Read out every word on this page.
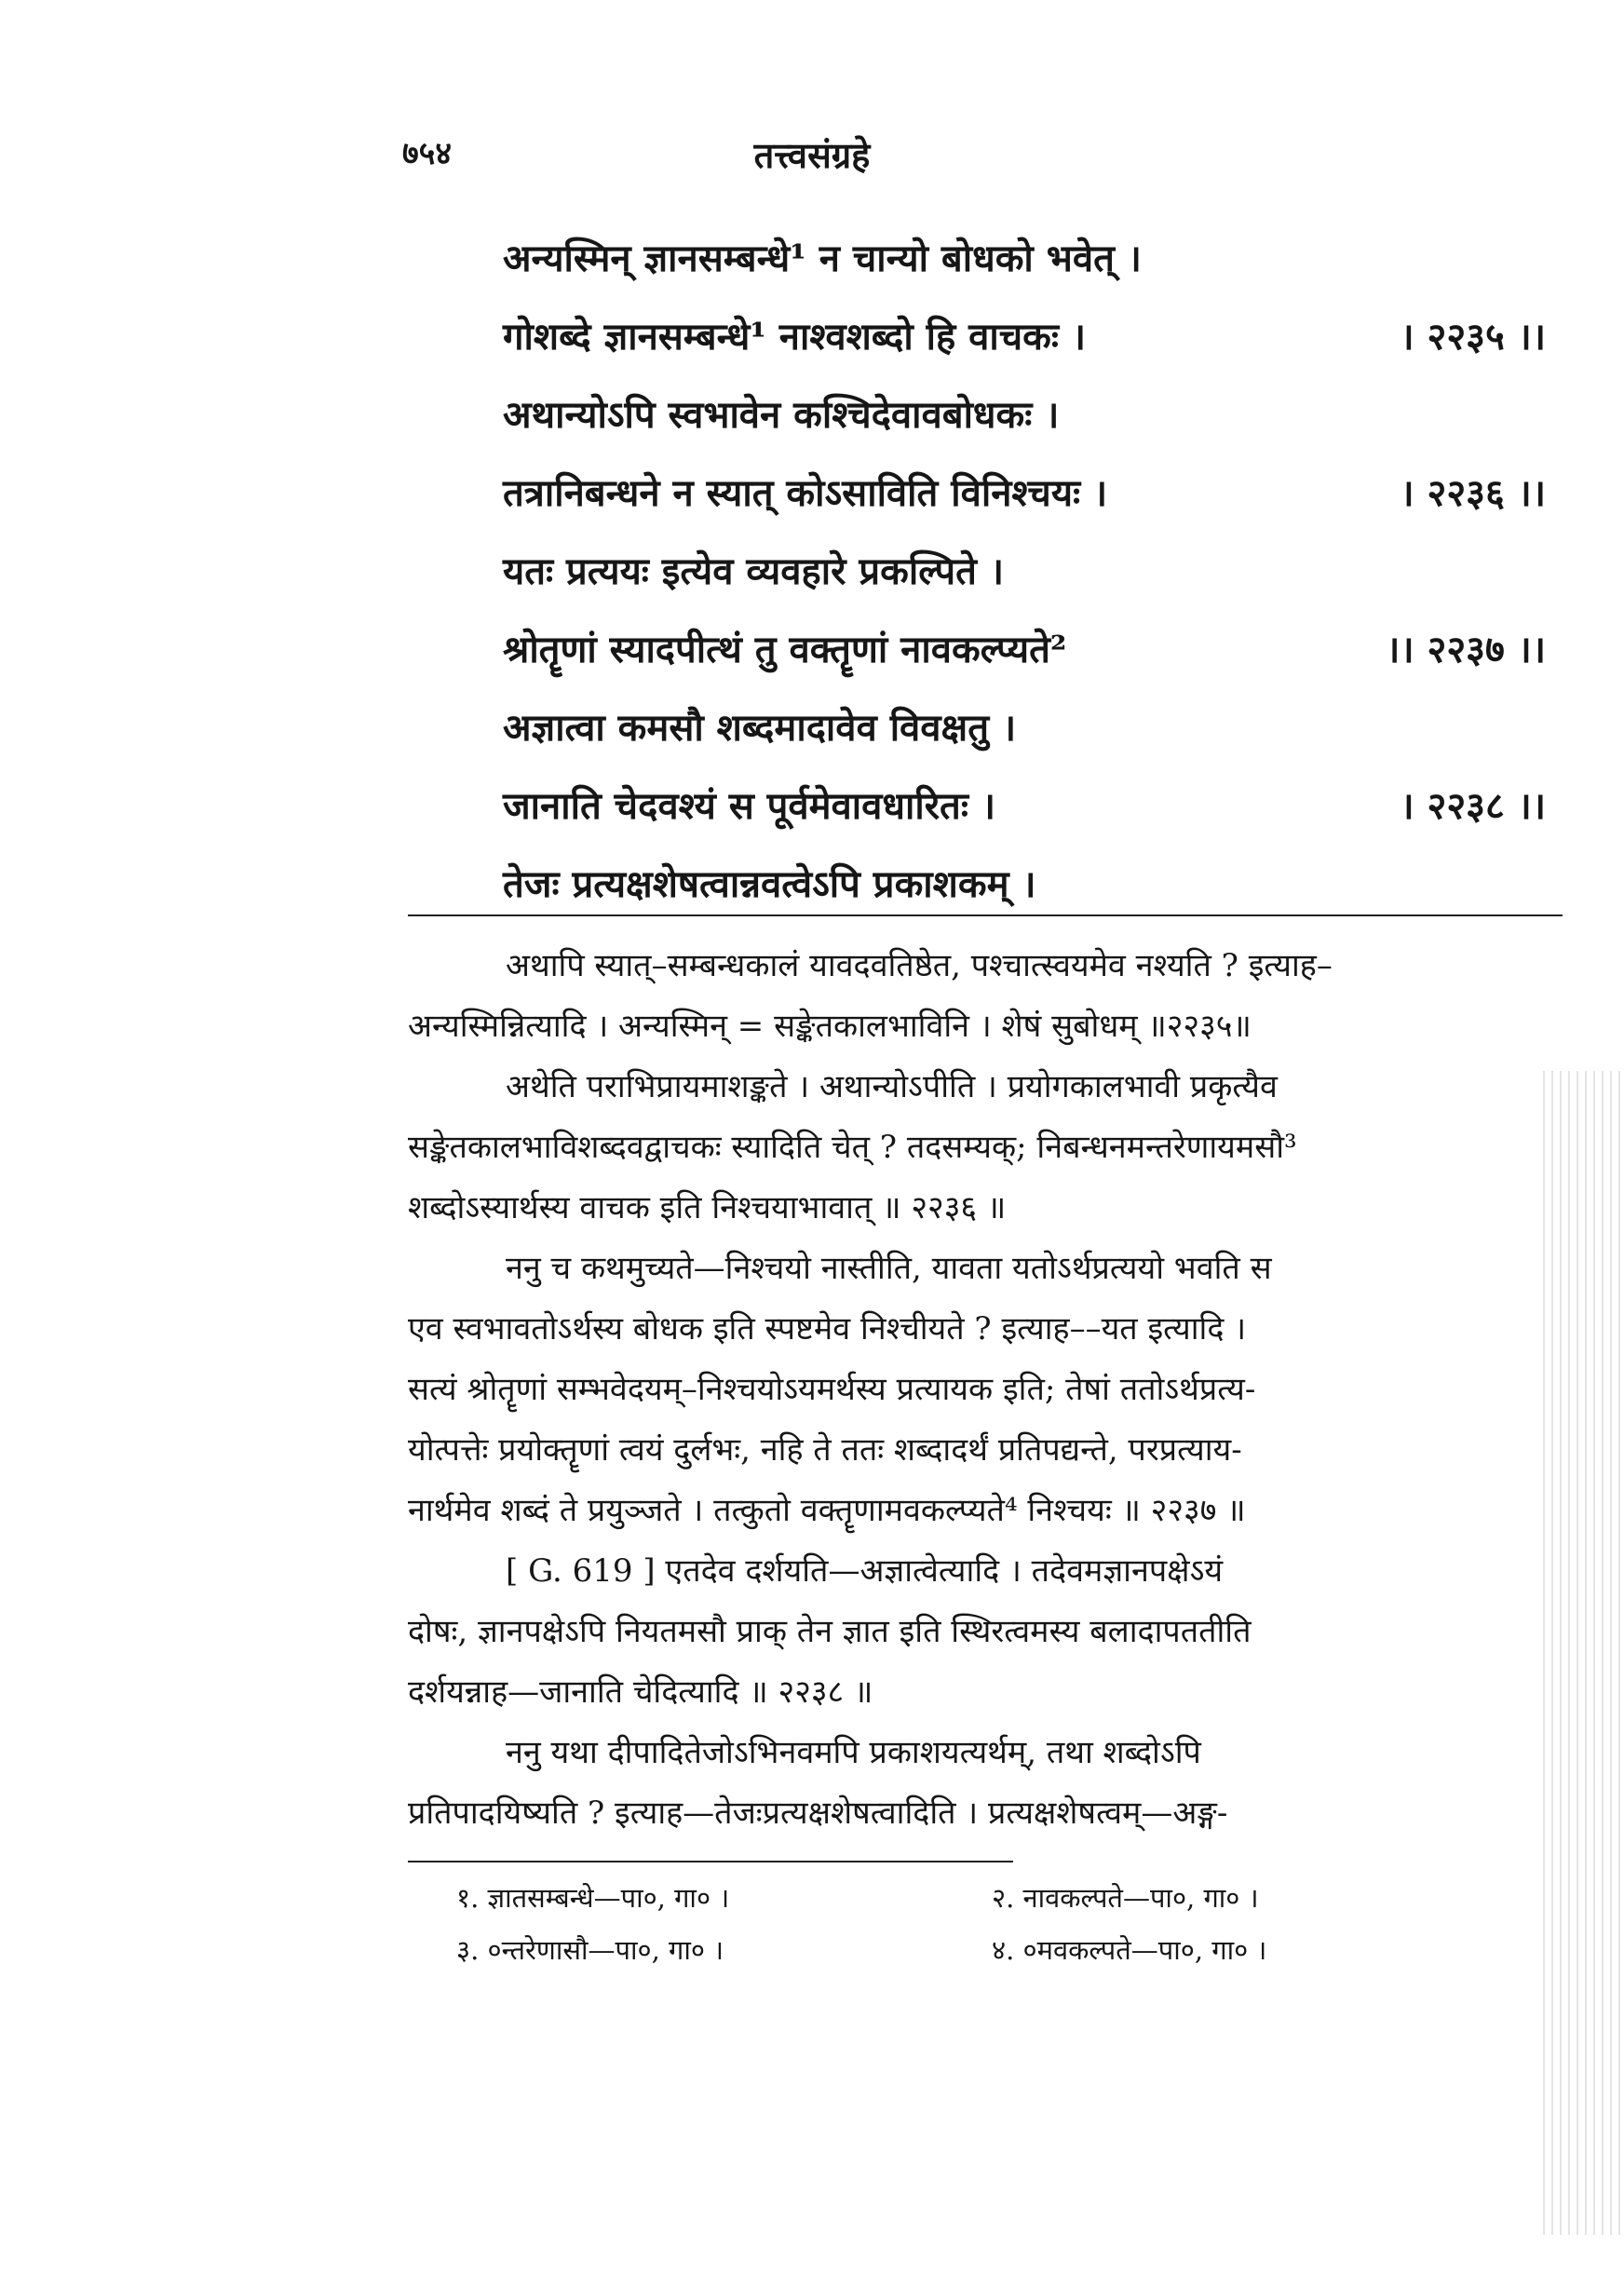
७५४	तत्त्वसंग्रहे
अन्यस्मिन् ज्ञानसम्बन्धे¹ न चान्यो बोधको भवेत् ।
गोशब्दे ज्ञानसम्बन्धे¹ नाश्वशब्दो हि वाचकः ।	। २२३५ ।।
अथान्योऽपि स्वभावेन कश्चिदेवावबोधकः ।
तत्रानिबन्धने न स्यात् कोऽसाविति विनिश्चयः ।	। २२३६ ।।
यतः प्रत्ययः इत्येव व्यवहारे प्रकल्पिते ।
श्रोतॄणां स्यादपीत्थं तु वक्तॄणां नावकल्प्यते²	।। २२३७ ।।
अज्ञात्वा कमसौ शब्दमादावेव विवक्षतु ।
जानाति चेदवश्यं स पूर्वमेवावधारितः ।	। २२३८ ।।
तेजः प्रत्यक्षशेषत्वान्नवत्वेऽपि प्रकाशकम् ।
अथापि स्यात्–सम्बन्धकालं यावदवतिष्ठेत, पश्चात्स्वयमेव नश्यति ? इत्याह–
अन्यस्मिन्नित्यादि । अन्यस्मिन् = सङ्केतकालभाविनि । शेषं सुबोधम् ॥२२३५॥
अथेति पराभिप्रायमाशङ्कते । अथान्योऽपीति । प्रयोगकालभावी प्रकृत्यैव
सङ्केतकालभाविशब्दवद्वाचकः स्यादिति चेत् ? तदसम्यक्; निबन्धनमन्तरेणायमसौ³
शब्दोऽस्यार्थस्य वाचक इति निश्चयाभावात् ॥ २२३६ ॥
ननु च कथमुच्यते—निश्चयो नास्तीति, यावता यतोऽर्थप्रत्ययो भवति स
एव स्वभावतोऽर्थस्य बोधक इति स्पष्टमेव निश्चीयते ? इत्याह––यत इत्यादि ।
सत्यं श्रोतॄणां सम्भवेदयम्–निश्चयोऽयमर्थस्य प्रत्यायक इति; तेषां ततोऽर्थप्रत्य-
योत्पत्तेः प्रयोक्तॄणां त्वयं दुर्लभः, नहि ते ततः शब्दादर्थं प्रतिपद्यन्ते, परप्रत्याय-
नार्थमेव शब्दं ते प्रयुञ्जते । तत्कुतो वक्तॄणामवकल्प्यते⁴ निश्चयः ॥ २२३७ ॥
[ G. 619 ] एतदेव दर्शयति—अज्ञात्वेत्यादि । तदेवमज्ञानपक्षेऽयं
दोषः, ज्ञानपक्षेऽपि नियतमसौ प्राक् तेन ज्ञात इति स्थिरत्वमस्य बलादापततीति
दर्शयन्नाह—जानाति चेदित्यादि ॥ २२३८ ॥
ननु यथा दीपादितेजोऽभिनवमपि प्रकाशयत्यर्थम्, तथा शब्दोऽपि
प्रतिपादयिष्यति ? इत्याह—तेजःप्रत्यक्षशेषत्वादिति । प्रत्यक्षशेषत्वम्—अङ्ग-
१. ज्ञातसम्बन्धे—पा०, गा० ।	२. नावकल्पते—पा०, गा० ।
३. ०न्तरेणासौ—पा०, गा० ।	४. ०मवकल्पते—पा०, गा० ।
